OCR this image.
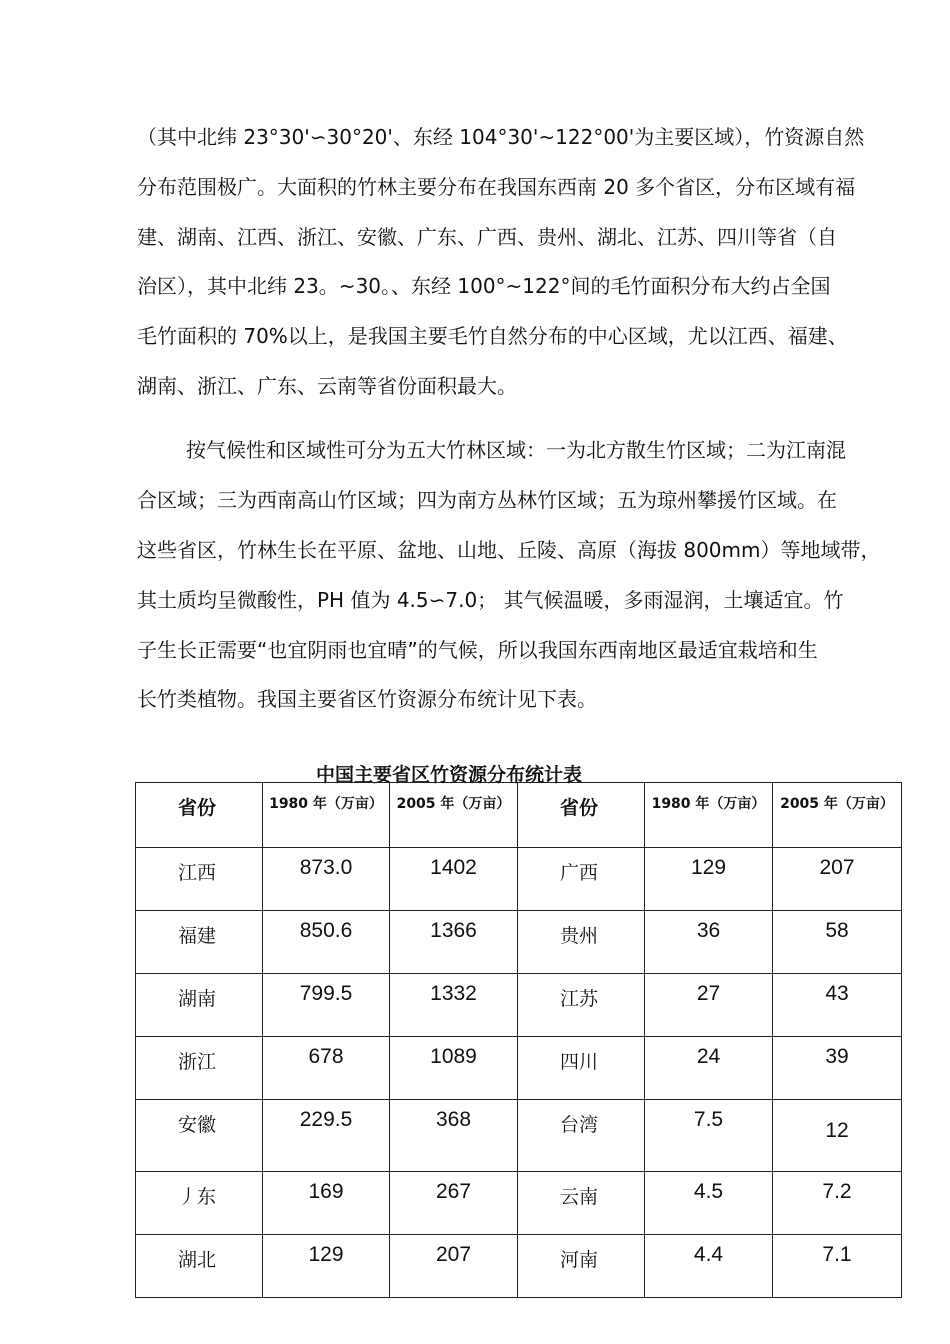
（其中北纬 23°30'∽30°20'、东经 104°30'~122°00'为主要区域），竹资源自然
分布范围极广。大面积的竹林主要分布在我国东西南 20 多个省区，分布区域有福
建、湖南、江西、浙江、安徽、广东、广西、贵州、湖北、江苏、四川等省（自
治区），其中北纬 23。~30。、东经 100°~122°间的毛竹面积分布大约占全国
毛竹面积的 70%以上，是我国主要毛竹自然分布的中心区域，尤以江西、福建、
湖南、浙江、广东、云南等省份面积最大。
按气候性和区域性可分为五大竹林区域：一为北方散生竹区域；二为江南混
合区域；三为西南高山竹区域；四为南方丛林竹区域；五为琼州攀援竹区域。在
这些省区，竹林生长在平原、盆地、山地、丘陵、高原（海拔 800mm）等地域带，
其土质均呈微酸性，PH 值为 4.5∽7.0； 其气候温暖，多雨湿润，土壤适宜。竹
子生长正需要“也宜阴雨也宜晴”的气候，所以我国东西南地区最适宜栽培和生
长竹类植物。我国主要省区竹资源分布统计见下表。
中国主要省区竹资源分布统计表
省份	1980 年（万亩）	2005 年（万亩）	省份	1980 年（万亩）	2005 年（万亩）
江西	873.0	1402	广西	129	207
福建	850.6	1366	贵州	36	58
湖南	799.5	1332	江苏	27	43
浙江	678	1089	四川	24	39
安徽	229.5	368	台湾	7.5	12
丿东	169	267	云南	4.5	7.2
湖北	129	207	河南	4.4	7.1
